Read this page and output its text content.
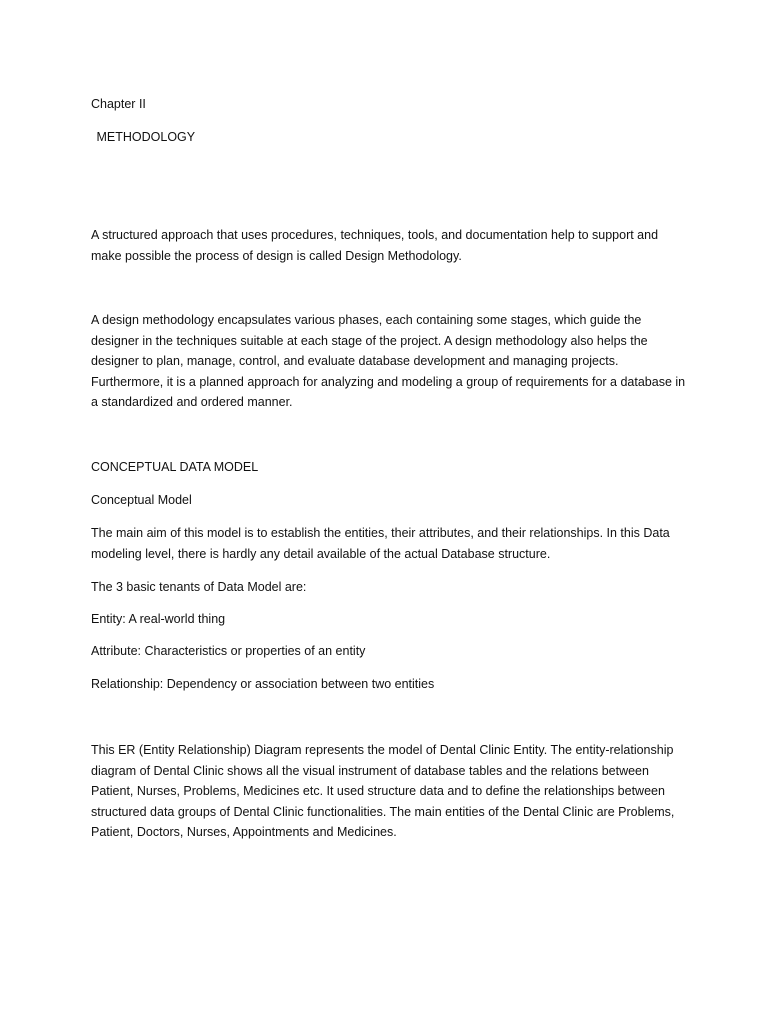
Chapter II
METHODOLOGY
A structured approach that uses procedures, techniques, tools, and documentation help to support and make possible the process of design is called Design Methodology.
A design methodology encapsulates various phases, each containing some stages, which guide the designer in the techniques suitable at each stage of the project. A design methodology also helps the designer to plan, manage, control, and evaluate database development and managing projects. Furthermore, it is a planned approach for analyzing and modeling a group of requirements for a database in a standardized and ordered manner.
CONCEPTUAL DATA MODEL
Conceptual Model
The main aim of this model is to establish the entities, their attributes, and their relationships. In this Data modeling level, there is hardly any detail available of the actual Database structure.
The 3 basic tenants of Data Model are:
Entity: A real-world thing
Attribute: Characteristics or properties of an entity
Relationship: Dependency or association between two entities
This ER (Entity Relationship) Diagram represents the model of Dental Clinic Entity. The entity-relationship diagram of Dental Clinic shows all the visual instrument of database tables and the relations between Patient, Nurses, Problems, Medicines etc. It used structure data and to define the relationships between structured data groups of Dental Clinic functionalities. The main entities of the Dental Clinic are Problems, Patient, Doctors, Nurses, Appointments and Medicines.
